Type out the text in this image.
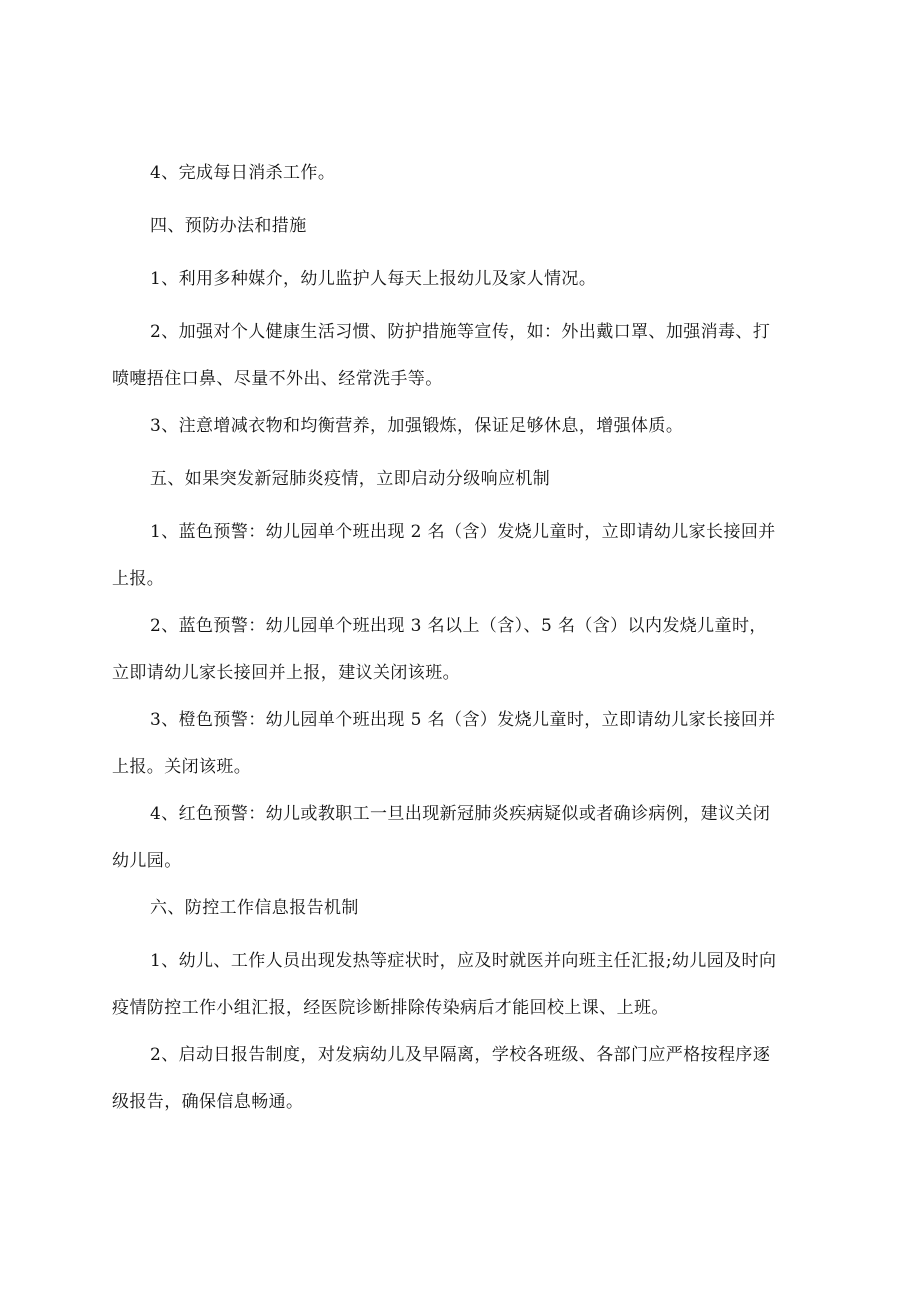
4、完成每日消杀工作。

四、预防办法和措施

1、利用多种媒介，幼儿监护人每天上报幼儿及家人情况。

2、加强对个人健康生活习惯、防护措施等宣传，如：外出戴口罩、加强消毒、打
喷嚏捂住口鼻、尽量不外出、经常洗手等。

3、注意增减衣物和均衡营养，加强锻炼，保证足够休息，增强体质。

五、如果突发新冠肺炎疫情，立即启动分级响应机制

1、蓝色预警：幼儿园单个班出现 2 名（含）发烧儿童时，立即请幼儿家长接回并
上报。

2、蓝色预警：幼儿园单个班出现 3 名以上（含）、5 名（含）以内发烧儿童时，
立即请幼儿家长接回并上报，建议关闭该班。

3、橙色预警：幼儿园单个班出现 5 名（含）发烧儿童时，立即请幼儿家长接回并
上报。关闭该班。

4、红色预警：幼儿或教职工一旦出现新冠肺炎疾病疑似或者确诊病例，建议关闭
幼儿园。

六、防控工作信息报告机制

1、幼儿、工作人员出现发热等症状时，应及时就医并向班主任汇报;幼儿园及时向
疫情防控工作小组汇报，经医院诊断排除传染病后才能回校上课、上班。

2、启动日报告制度，对发病幼儿及早隔离，学校各班级、各部门应严格按程序逐
级报告，确保信息畅通。
